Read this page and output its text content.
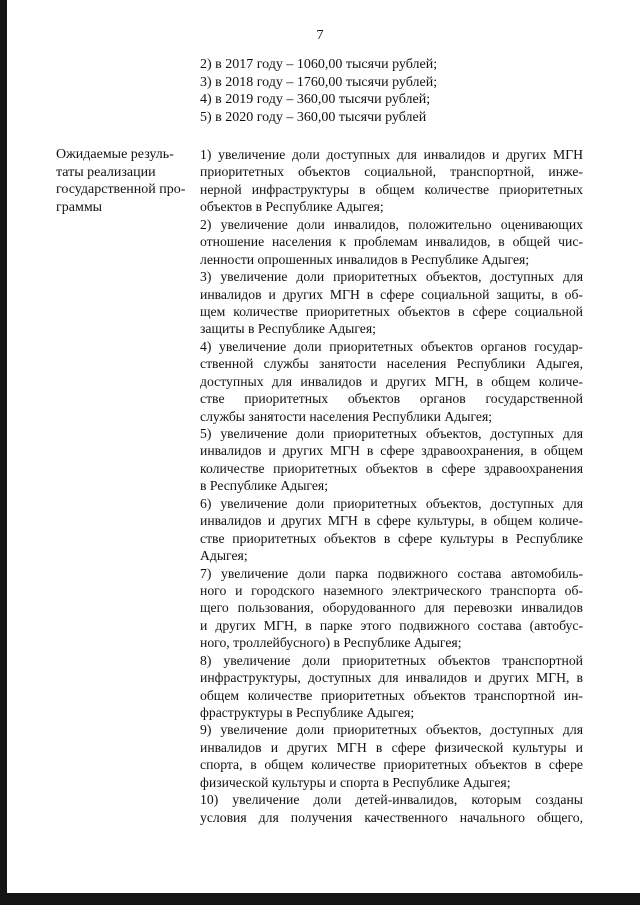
7
2) в 2017 году – 1060,00 тысячи рублей;
3) в 2018 году – 1760,00 тысячи рублей;
4) в 2019 году – 360,00 тысячи рублей;
5) в 2020 году – 360,00 тысячи рублей
Ожидаемые резуль-
таты реализации
государственной про-
граммы
1) увеличение доли доступных для инвалидов и других МГН
приоритетных объектов социальной, транспортной, инже-
нерной инфраструктуры в общем количестве приоритетных
объектов в Республике Адыгея;
2) увеличение доли инвалидов, положительно оценивающих
отношение населения к проблемам инвалидов, в общей чис-
ленности опрошенных инвалидов в Республике Адыгея;
3) увеличение доли приоритетных объектов, доступных для
инвалидов и других МГН в сфере социальной защиты, в об-
щем количестве приоритетных объектов в сфере социальной
защиты в Республике Адыгея;
4) увеличение доли приоритетных объектов органов государ-
ственной службы занятости населения Республики Адыгея,
доступных для инвалидов и других МГН, в общем количе-
стве приоритетных объектов органов государственной
службы занятости населения Республики Адыгея;
5) увеличение доли приоритетных объектов, доступных для
инвалидов и других МГН в сфере здравоохранения, в общем
количестве приоритетных объектов в сфере здравоохранения
в Республике Адыгея;
6) увеличение доли приоритетных объектов, доступных для
инвалидов и других МГН в сфере культуры, в общем количе-
стве приоритетных объектов в сфере культуры в Республике
Адыгея;
7) увеличение доли парка подвижного состава автомобиль-
ного и городского наземного электрического транспорта об-
щего пользования, оборудованного для перевозки инвалидов
и других МГН, в парке этого подвижного состава (автобус-
ного, троллейбусного) в Республике Адыгея;
8) увеличение доли приоритетных объектов транспортной
инфраструктуры, доступных для инвалидов и других МГН, в
общем количестве приоритетных объектов транспортной ин-
фраструктуры в Республике Адыгея;
9) увеличение доли приоритетных объектов, доступных для
инвалидов и других МГН в сфере физической культуры и
спорта, в общем количестве приоритетных объектов в сфере
физической культуры и спорта в Республике Адыгея;
10) увеличение доли детей-инвалидов, которым созданы
условия для получения качественного начального общего,
